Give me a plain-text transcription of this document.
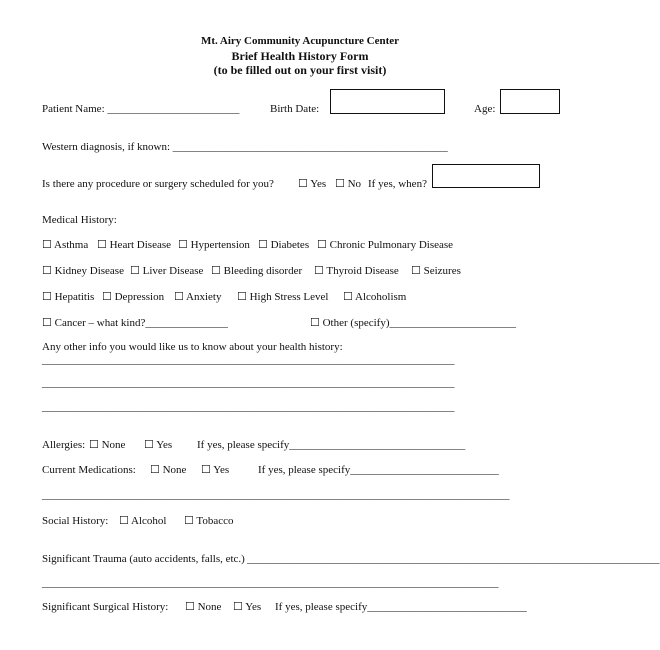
Mt. Airy Community Acupuncture Center
Brief Health History Form
(to be filled out on your first visit)
Patient Name: ________________________	Birth Date:	Age:
Western diagnosis, if known: __________________________________________________
Is there any procedure or surgery scheduled for you? ☐ Yes ☐ No If yes, when?
Medical History:
☐ Asthma ☐ Heart Disease ☐ Hypertension ☐ Diabetes ☐ Chronic Pulmonary Disease
☐ Kidney Disease ☐ Liver Disease ☐ Bleeding disorder ☐ Thyroid Disease ☐ Seizures
☐ Hepatitis ☐ Depression ☐ Anxiety ☐ High Stress Level ☐ Alcoholism
☐ Cancer – what kind?_______________	☐ Other (specify)_______________________
Any other info you would like us to know about your health history:
___________________________________________________________________________
___________________________________________________________________________
___________________________________________________________________________
Allergies: ☐ None ☐ Yes If yes, please specify________________________________
Current Medications: ☐ None ☐ Yes	If yes, please specify___________________________
_____________________________________________________________________________________
Social History: ☐ Alcohol ☐ Tobacco
Significant Trauma (auto accidents, falls, etc.) ___________________________________________________________________________
___________________________________________________________________________________
Significant Surgical History: ☐ None ☐ Yes If yes, please specify_____________________________
